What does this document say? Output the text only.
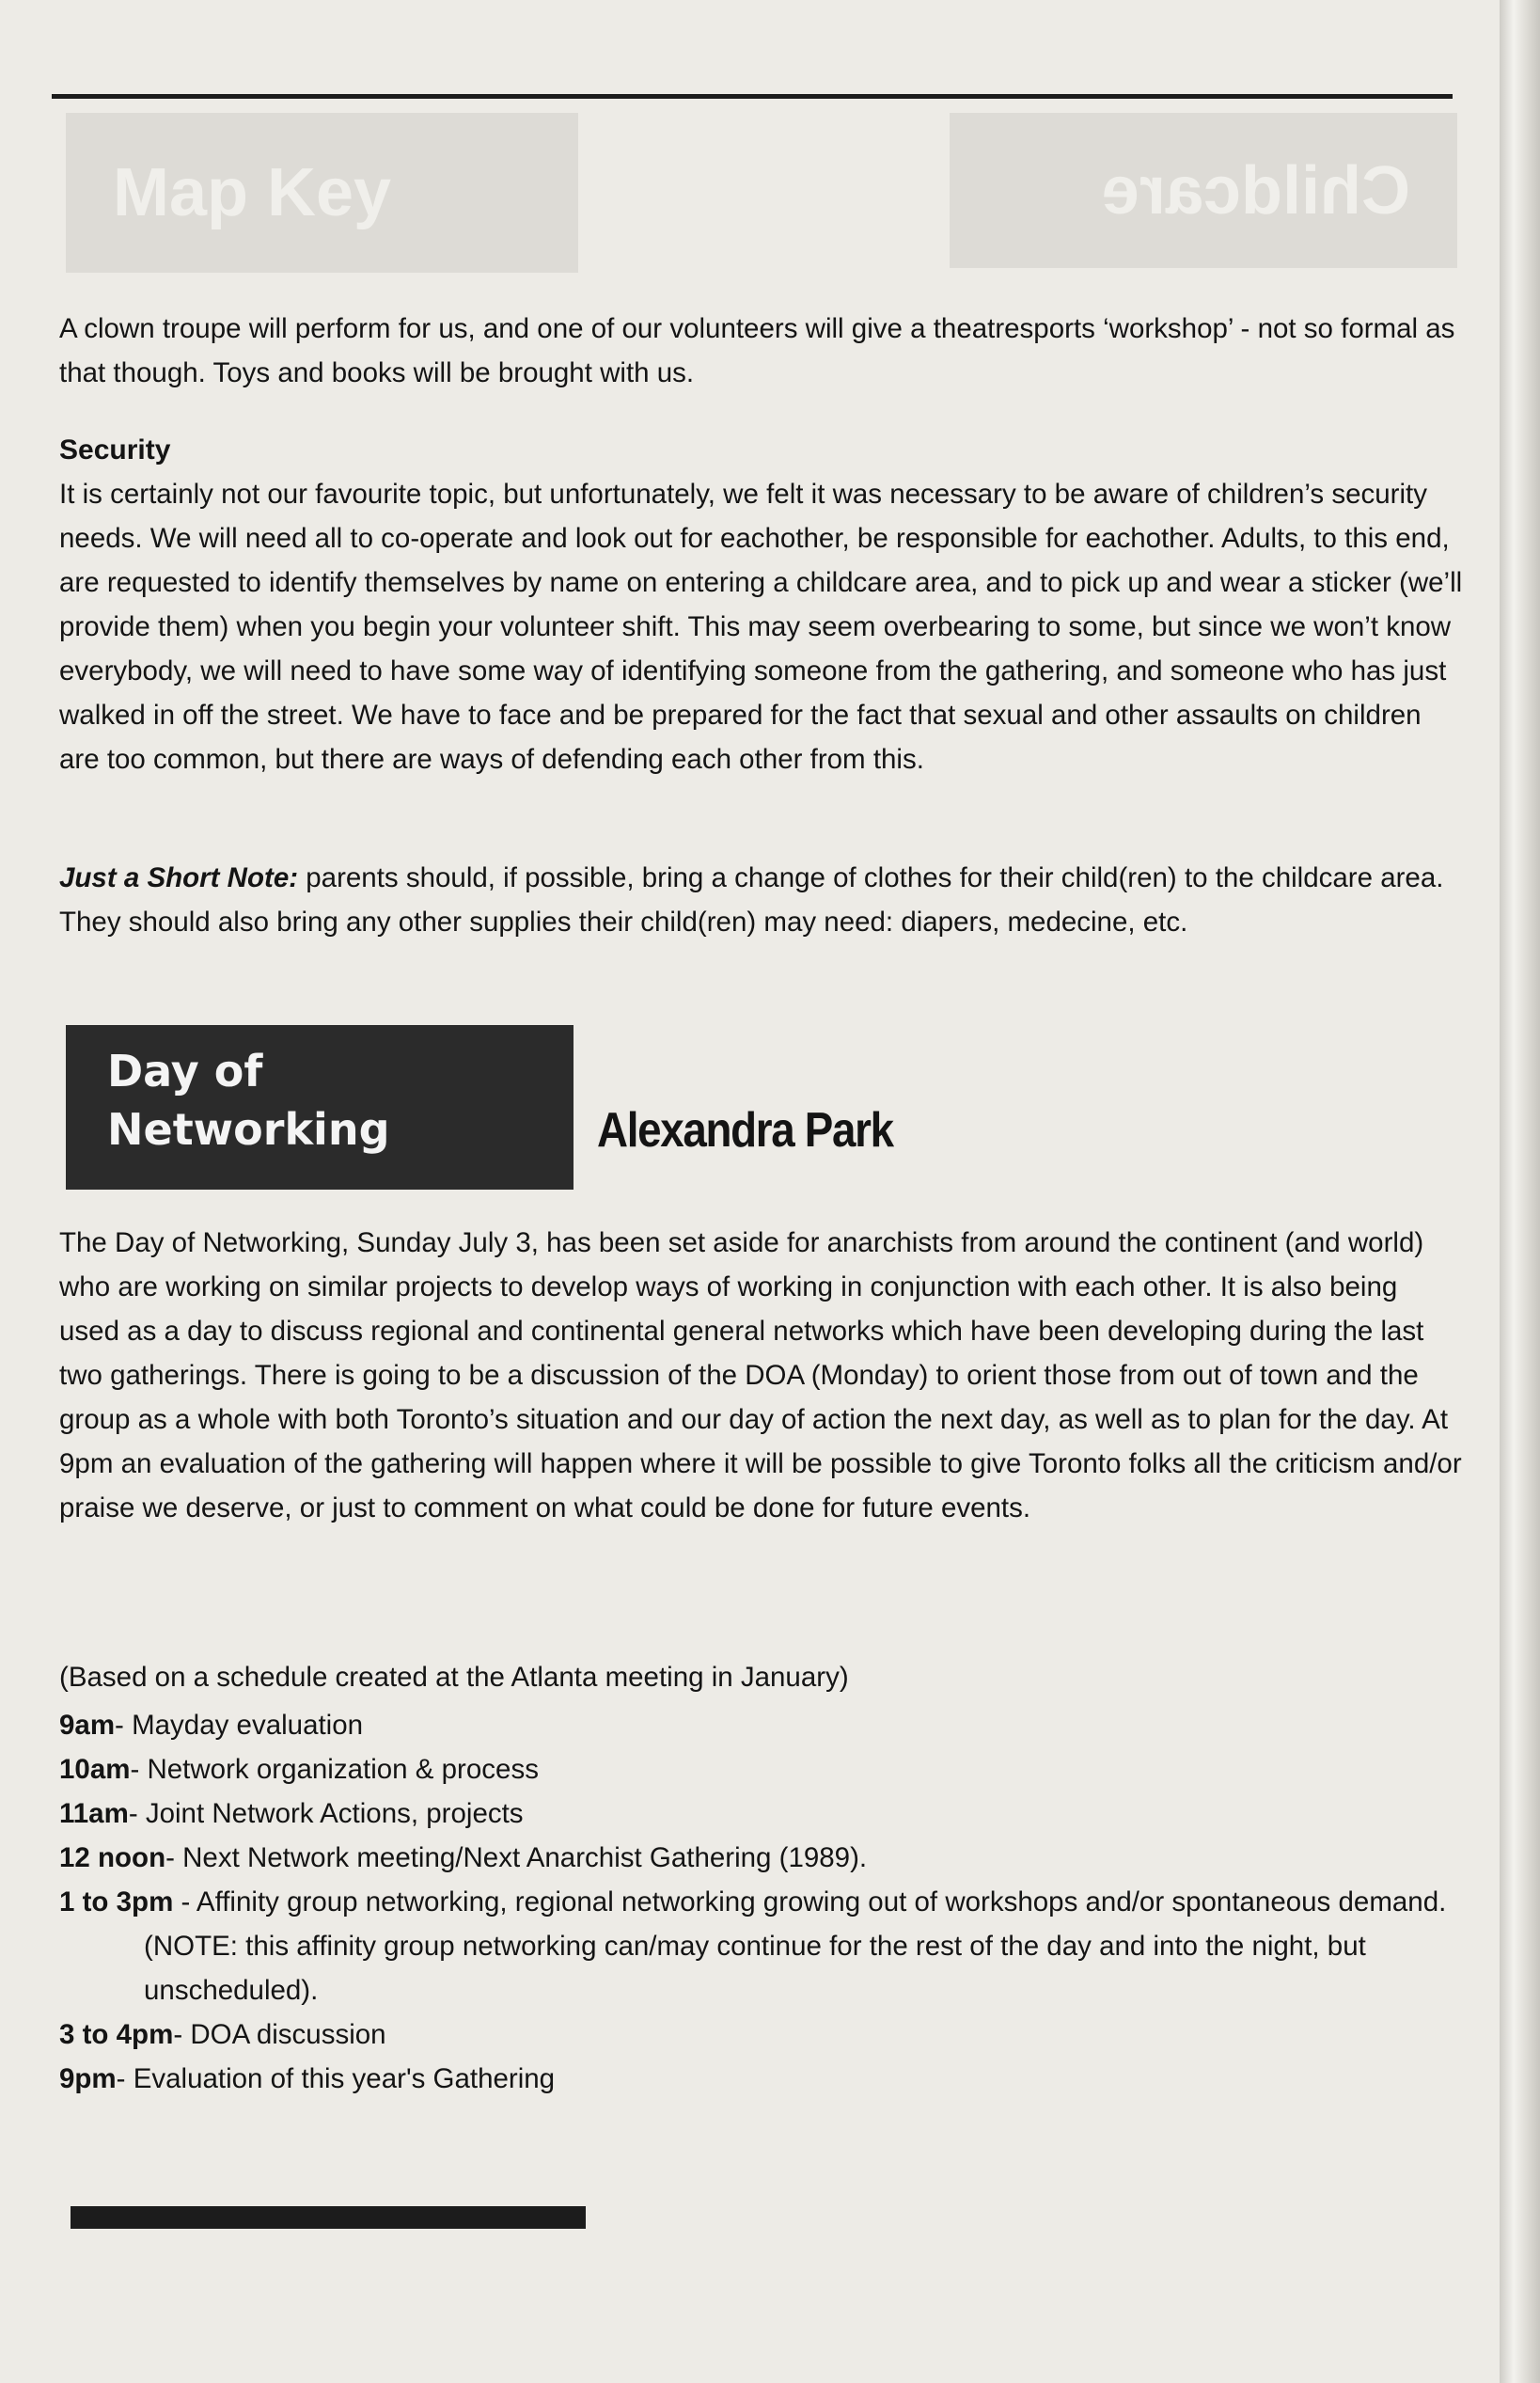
Map Key	Childcare

A clown troupe will perform for us, and one of our volunteers will give a theatresports ‘workshop’ - not so formal as that though. Toys and books will be brought with us.

Security

It is certainly not our favourite topic, but unfortunately, we felt it was necessary to be aware of children’s security needs. We will need all to co-operate and look out for eachother, be responsible for eachother. Adults, to this end, are requested to identify themselves by name on entering a childcare area, and to pick up and wear a sticker (we’ll provide them) when you begin your volunteer shift. This may seem overbearing to some, but since we won’t know everybody, we will need to have some way of identifying someone from the gathering, and someone who has just walked in off the street. We have to face and be prepared for the fact that sexual and other assaults on children are too common, but there are ways of defending each other from this.

Just a Short Note: parents should, if possible, bring a change of clothes for their child(ren) to the childcare area. They should also bring any other supplies their child(ren) may need: diapers, medecine, etc.

Day of
Networking	Alexandra Park

The Day of Networking, Sunday July 3, has been set aside for anarchists from around the continent (and world) who are working on similar projects to develop ways of working in conjunction with each other. It is also being used as a day to discuss regional and continental general networks which have been developing during the last two gatherings. There is going to be a discussion of the DOA (Monday) to orient those from out of town and the group as a whole with both Toronto’s situation and our day of action the next day, as well as to plan for the day. At 9pm an evaluation of the gathering will happen where it will be possible to give Toronto folks all the criticism and/or praise we deserve, or just to comment on what could be done for future events.

(Based on a schedule created at the Atlanta meeting in January)

9am - Mayday evaluation
10am - Network organization & process
11am - Joint Network Actions, projects
12 noon - Next Network meeting/Next Anarchist Gathering (1989).
1 to 3pm - Affinity group networking, regional networking growing out of workshops and/or spontaneous demand. (NOTE: this affinity group networking can/may continue for the rest of the day and into the night, but unscheduled).
3 to 4pm - DOA discussion
9pm - Evaluation of this year's Gathering
